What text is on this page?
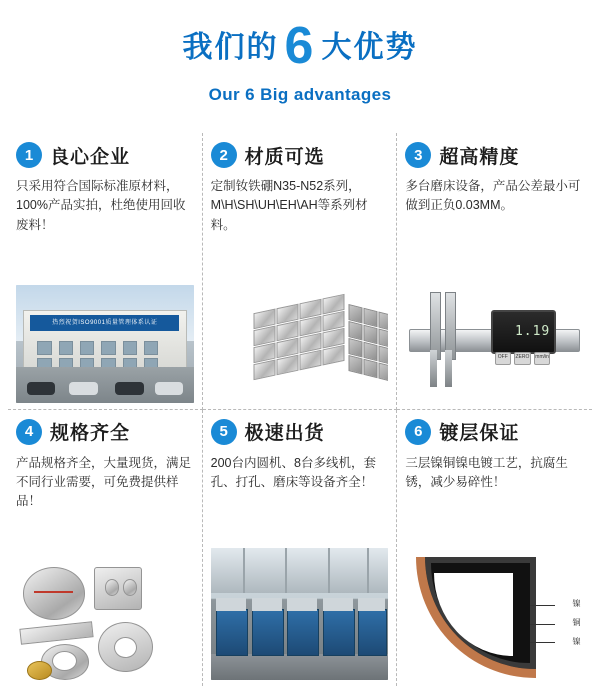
我们的 6 大优势
Our 6 Big advantages
1 良心企业
只采用符合国际标准原材料，100%产品实拍，杜绝使用回收废料！
热烈祝贺ISO9001质量管理体系认证
2 材质可选
定制钕铁硼N35-N52系列，M\H\SH\UH\EH\AH等系列材料。
3 超高精度
多台磨床设备，产品公差最小可做到正负0.03MM。
1.19
OFF	ZERO mm/in
4 规格齐全
产品规格齐全，大量现货，满足不同行业需要，可免费提供样品！
5 极速出货
200台内圆机、8台多线机，套孔、打孔、磨床等设备齐全！
6 镀层保证
三层镍铜镍电镀工艺，抗腐生锈，减少易碎性！
镍
铜
镍
